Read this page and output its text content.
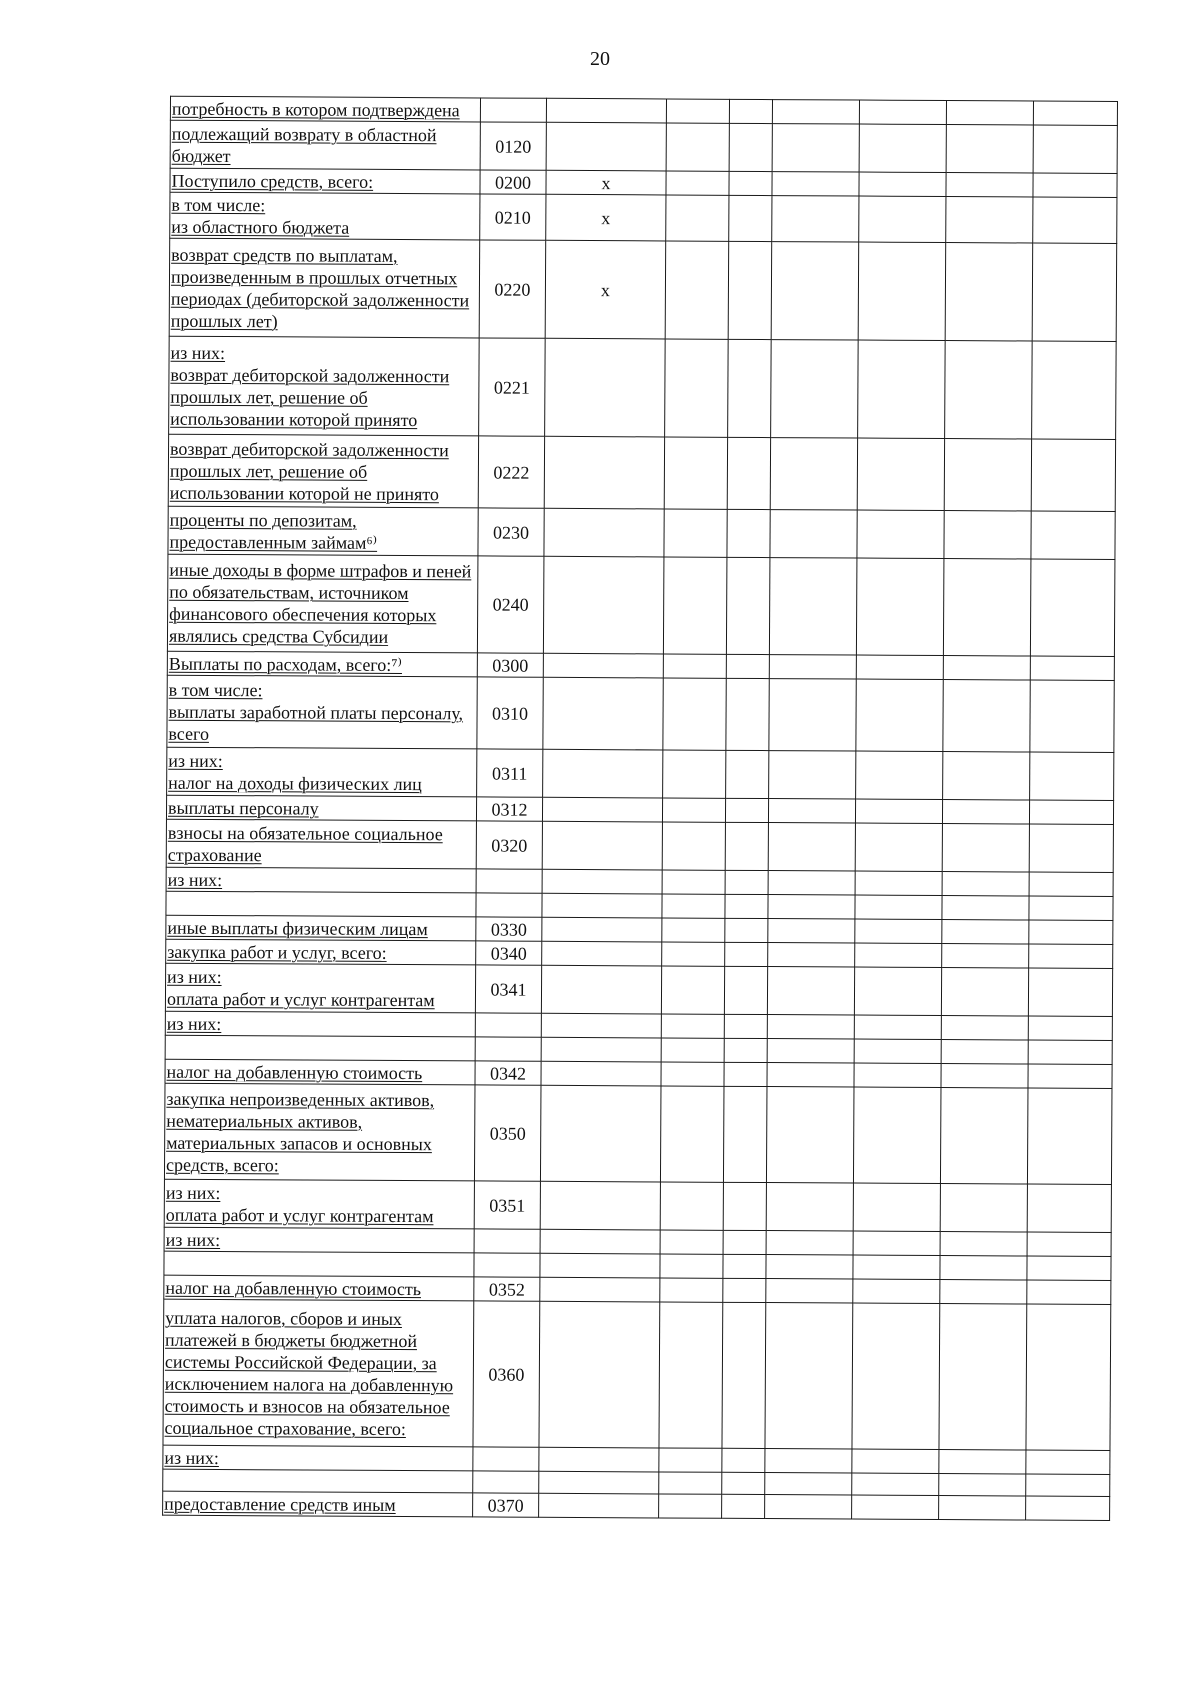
20
потребность в котором подтверждена								
подлежащий возврату в областной бюджет	0120							
Поступило средств, всего:	0200	x						
в том числе:
из областного бюджета	0210	x						
возврат средств по выплатам, произведенным в прошлых отчетных периодах (дебиторской задолженности прошлых лет)	0220	x						
из них:
возврат дебиторской задолженности прошлых лет, решение об использовании которой принято	0221							
возврат дебиторской задолженности прошлых лет, решение об использовании которой не принято	0222							
проценты по депозитам, предоставленным займам⁶⁾	0230							
иные доходы в форме штрафов и пеней по обязательствам, источником финансового обеспечения которых являлись средства Субсидии	0240							
Выплаты по расходам, всего:⁷⁾	0300							
в том числе:
выплаты заработной платы персоналу, всего	0310							
из них:
налог на доходы физических лиц	0311							
выплаты персоналу	0312							
взносы на обязательное социальное страхование	0320							
из них:								

иные выплаты физическим лицам	0330							
закупка работ и услуг, всего:	0340							
из них:
оплата работ и услуг контрагентам	0341							
из них:								

налог на добавленную стоимость	0342							
закупка непроизведенных активов, нематериальных активов, материальных запасов и основных средств, всего:	0350							
из них:
оплата работ и услуг контрагентам	0351							
из них:								

налог на добавленную стоимость	0352							
уплата налогов, сборов и иных платежей в бюджеты бюджетной системы Российской Федерации, за исключением налога на добавленную стоимость и взносов на обязательное социальное страхование, всего:	0360							
из них:								

предоставление средств иным	0370							
